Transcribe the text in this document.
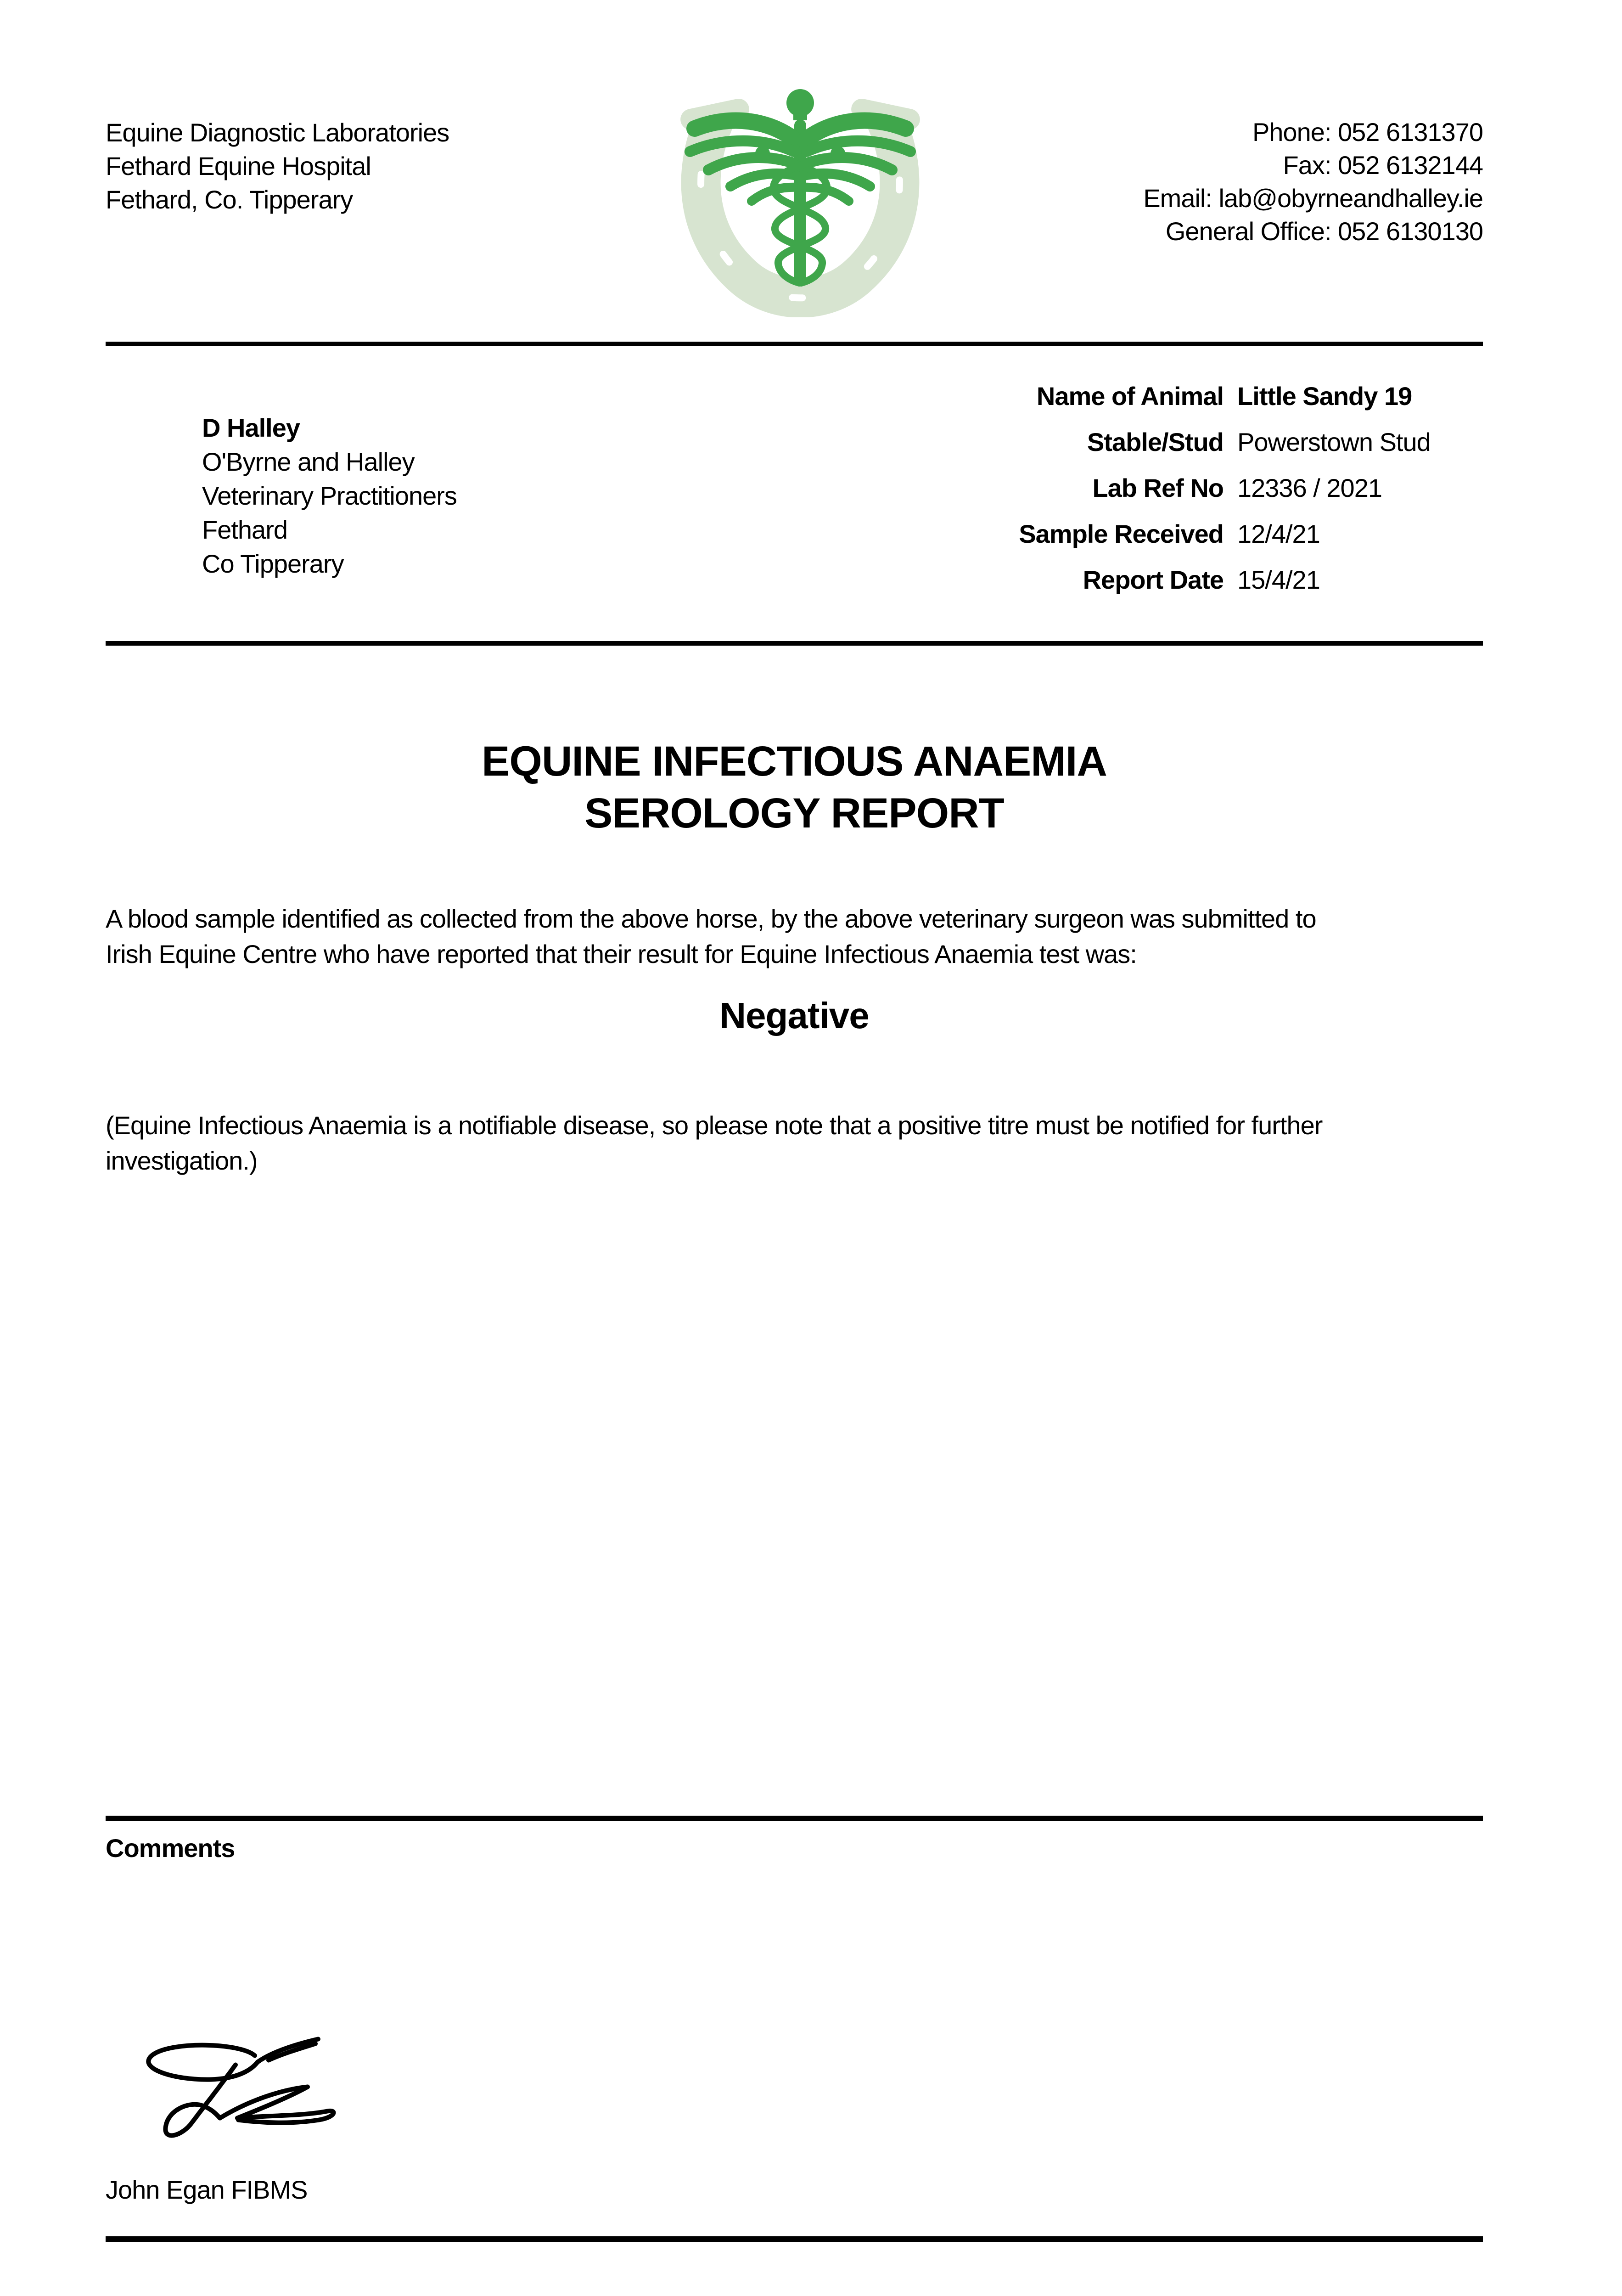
Equine Diagnostic Laboratories
Fethard Equine Hospital
Fethard, Co. Tipperary
Phone: 052 6131370
Fax: 052 6132144
Email: lab@obyrneandhalley.ie
General Office: 052 6130130
D Halley
O'Byrne and Halley
Veterinary Practitioners
Fethard
Co Tipperary
Name of Animal Little Sandy 19
Stable/Stud Powerstown Stud
Lab Ref No 12336 / 2021
Sample Received 12/4/21
Report Date 15/4/21
EQUINE INFECTIOUS ANAEMIA
SEROLOGY REPORT
A blood sample identified as collected from the above horse, by the above veterinary surgeon was submitted to
Irish Equine Centre who have reported that their result for Equine Infectious Anaemia test was:
Negative
(Equine Infectious Anaemia is a notifiable disease, so please note that a positive titre must be notified for further
investigation.)
Comments
John Egan FIBMS
